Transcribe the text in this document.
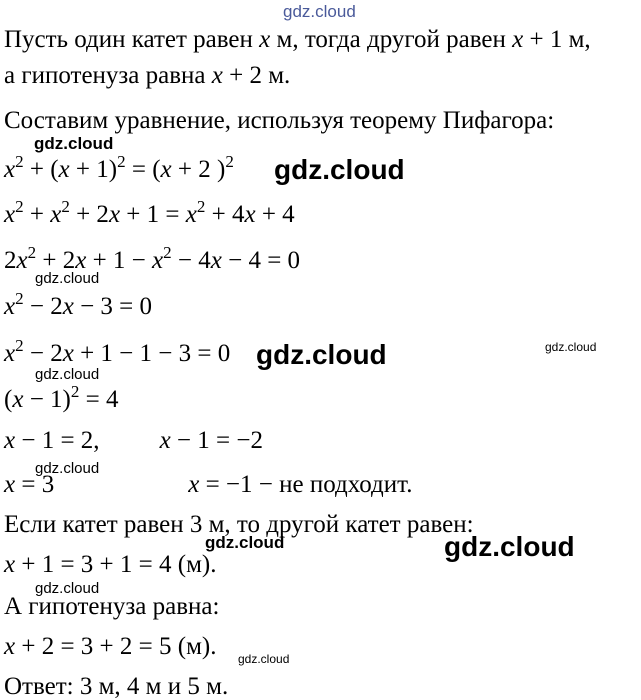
Пусть один катет равен x м, тогда другой равен x + 1 м,
а гипотенуза равна x + 2 м.
Составим уравнение, используя теорему Пифагора:
$x^2 + (x + 1)^2 = (x + 2$ )$^2$
$x^2 + x^2 + 2x + 1 = x^2 + 4x + 4$
$2x^2 + 2x + 1 - x^2 - 4x - 4 = 0$
$x^2 - 2x - 3 = 0$
$x^2 - 2x + 1 - 1 - 3 = 0$
$(x - 1)^2 = 4$
x − 1 = 2, x − 1 = −2
x = 3	x = −1 − не подходит.
Если катет равен 3 м, то другой катет равен:
x + 1 = 3 + 1 = 4 (м).
А гипотенуза равна:
x + 2 = 3 + 2 = 5 (м).
Ответ: 3 м, 4 м и 5 м.
gdz.cloud
gdz.cloud
gdz.cloud
gdz.cloud
gdz.cloud	gdz.cloud
gdz.cloud
gdz.cloud
gdz.cloud	gdz.cloud
gdz.cloud
gdz.cloud
